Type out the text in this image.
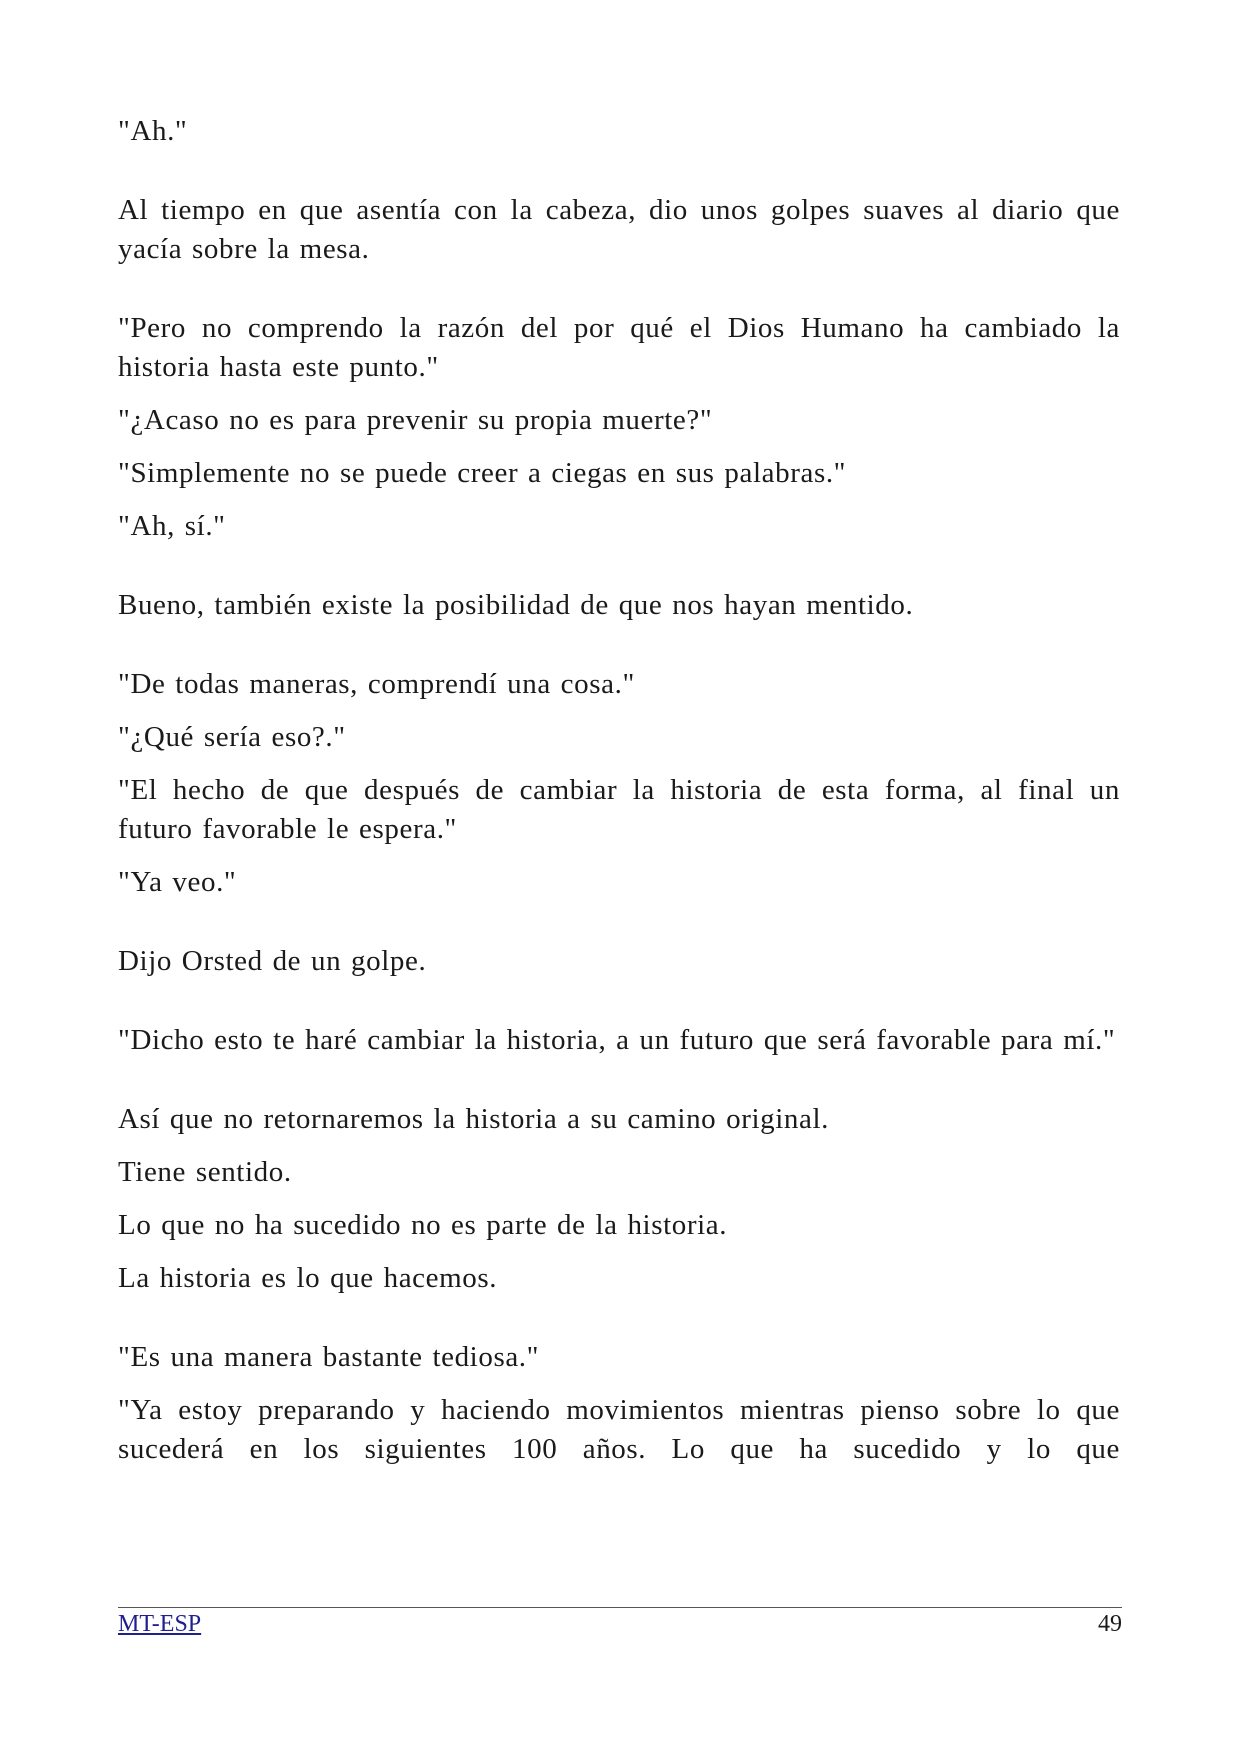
"Ah."

Al tiempo en que asentía con la cabeza, dio unos golpes suaves al diario que yacía sobre la mesa.

"Pero no comprendo la razón del por qué el Dios Humano ha cambiado la historia hasta este punto."

"¿Acaso no es para prevenir su propia muerte?"

"Simplemente no se puede creer a ciegas en sus palabras."

"Ah, sí."

Bueno, también existe la posibilidad de que nos hayan mentido.

"De todas maneras, comprendí una cosa."

"¿Qué sería eso?."

"El hecho de que después de cambiar la historia de esta forma, al final un futuro favorable le espera."

"Ya veo."

Dijo Orsted de un golpe.

"Dicho esto te haré cambiar la historia, a un futuro que será favorable para mí."

Así que no retornaremos la historia a su camino original.

Tiene sentido.

Lo que no ha sucedido no es parte de la historia.

La historia es lo que hacemos.

"Es una manera bastante tediosa."

"Ya estoy preparando y haciendo movimientos mientras pienso sobre lo que sucederá en los siguientes 100 años. Lo que ha sucedido y lo que

MT-ESP	49
